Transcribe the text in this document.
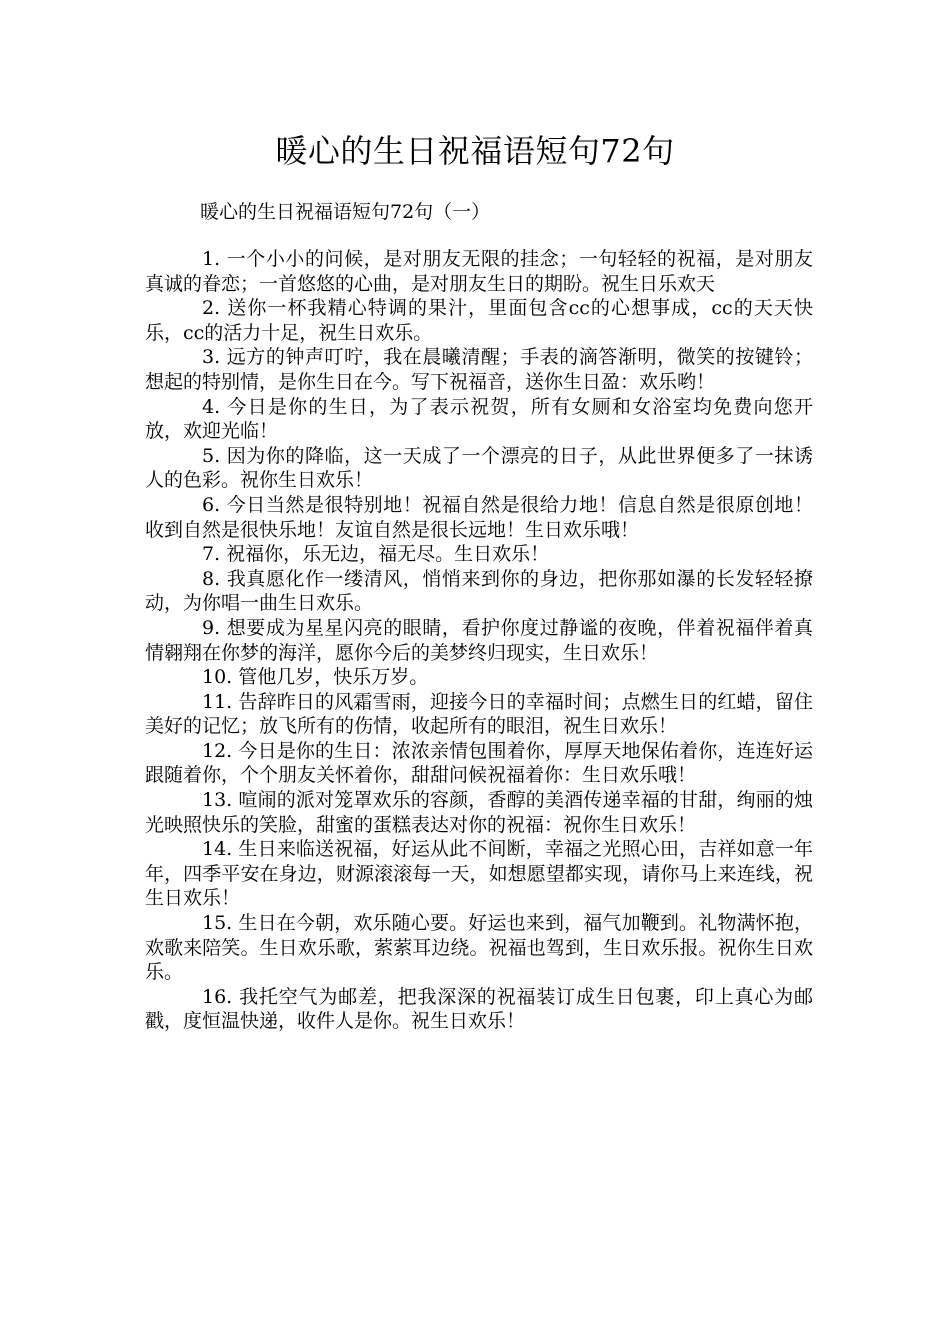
暖心的生日祝福语短句72句

暖心的生日祝福语短句72句（一）

1. 一个小小的问候，是对朋友无限的挂念；一句轻轻的祝福，是对朋友真诚的眷恋；一首悠悠的心曲，是对朋友生日的期盼。祝生日乐欢天
2. 送你一杯我精心特调的果汁，里面包含cc的心想事成，cc的天天快乐，cc的活力十足，祝生日欢乐。
3. 远方的钟声叮咛，我在晨曦清醒；手表的滴答渐明，微笑的按键铃；想起的特别情，是你生日在今。写下祝福音，送你生日盈：欢乐哟！
4. 今日是你的生日，为了表示祝贺，所有女厕和女浴室均免费向您开放，欢迎光临！
5. 因为你的降临，这一天成了一个漂亮的日子，从此世界便多了一抹诱人的色彩。祝你生日欢乐！
6. 今日当然是很特别地！祝福自然是很给力地！信息自然是很原创地！收到自然是很快乐地！友谊自然是很长远地！生日欢乐哦！
7. 祝福你，乐无边，福无尽。生日欢乐！
8. 我真愿化作一缕清风，悄悄来到你的身边，把你那如瀑的长发轻轻撩动，为你唱一曲生日欢乐。
9. 想要成为星星闪亮的眼睛，看护你度过静谧的夜晚，伴着祝福伴着真情翱翔在你梦的海洋，愿你今后的美梦终归现实，生日欢乐！
10. 管他几岁，快乐万岁。
11. 告辞昨日的风霜雪雨，迎接今日的幸福时间；点燃生日的红蜡，留住美好的记忆；放飞所有的伤情，收起所有的眼泪，祝生日欢乐！
12. 今日是你的生日：浓浓亲情包围着你，厚厚天地保佑着你，连连好运跟随着你，个个朋友关怀着你，甜甜问候祝福着你：生日欢乐哦！
13. 喧闹的派对笼罩欢乐的容颜，香醇的美酒传递幸福的甘甜，绚丽的烛光映照快乐的笑脸，甜蜜的蛋糕表达对你的祝福：祝你生日欢乐！
14. 生日来临送祝福，好运从此不间断，幸福之光照心田，吉祥如意一年年，四季平安在身边，财源滚滚每一天，如想愿望都实现，请你马上来连线，祝生日欢乐！
15. 生日在今朝，欢乐随心要。好运也来到，福气加鞭到。礼物满怀抱，欢歌来陪笑。生日欢乐歌，萦萦耳边绕。祝福也驾到，生日欢乐报。祝你生日欢乐。
16. 我托空气为邮差，把我深深的祝福装订成生日包裹，印上真心为邮戳，度恒温快递，收件人是你。祝生日欢乐！
